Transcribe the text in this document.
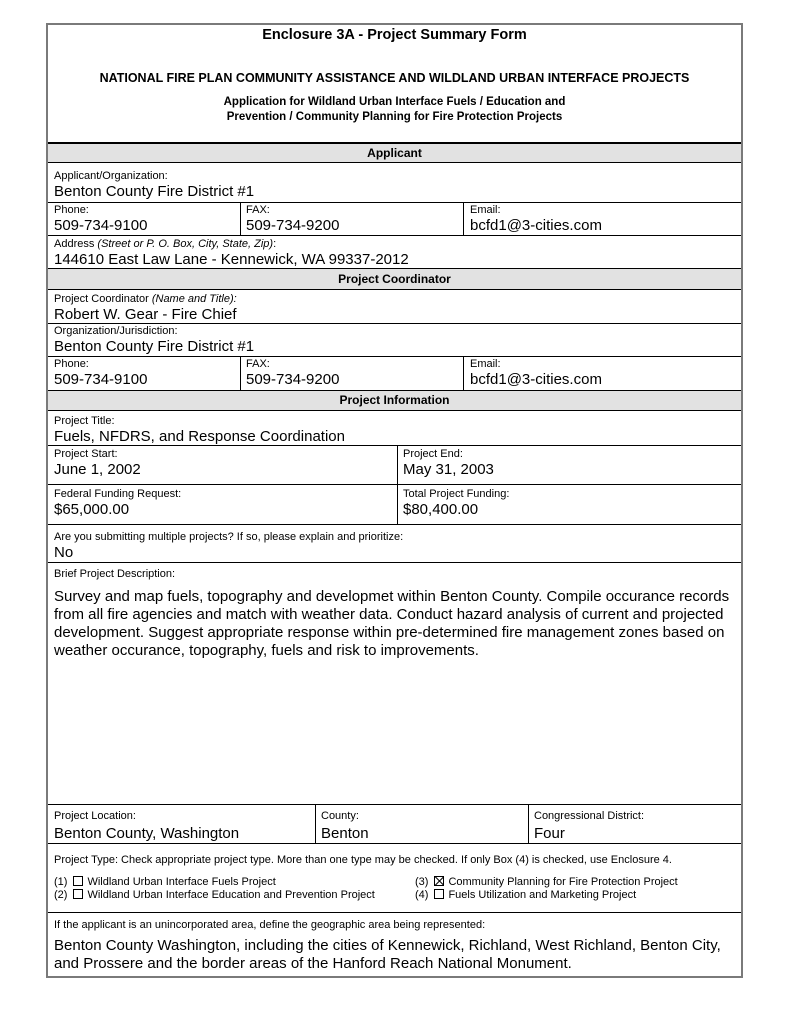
Enclosure 3A - Project Summary Form
NATIONAL FIRE PLAN COMMUNITY ASSISTANCE AND WILDLAND URBAN INTERFACE PROJECTS
Application for Wildland Urban Interface Fuels / Education and
Prevention / Community Planning for Fire Protection Projects
Applicant
Applicant/Organization:
Benton County Fire District #1
Phone:
509-734-9100
FAX:
509-734-9200
Email:
bcfd1@3-cities.com
Address (Street or P. O. Box, City, State, Zip):
144610 East Law Lane - Kennewick, WA 99337-2012
Project Coordinator
Project Coordinator (Name and Title):
Robert W. Gear - Fire Chief
Organization/Jurisdiction:
Benton County Fire District #1
Phone:
509-734-9100
FAX:
509-734-9200
Email:
bcfd1@3-cities.com
Project Information
Project Title:
Fuels, NFDRS, and Response Coordination
Project Start:
June 1, 2002
Project End:
May 31, 2003
Federal Funding Request:
$65,000.00
Total Project Funding:
$80,400.00
Are you submitting multiple projects? If so, please explain and prioritize:
No
Brief Project Description:
Survey and map fuels, topography and developmet within Benton County. Compile occurance records from all fire agencies and match with weather data. Conduct hazard analysis of current and projected development. Suggest appropriate response within pre-determined fire management zones based on weather occurance, topography, fuels and risk to improvements.
Project Location:
Benton County, Washington
County:
Benton
Congressional District:
Four
Project Type: Check appropriate project type. More than one type may be checked. If only Box (4) is checked, use Enclosure 4.
(1) Wildland Urban Interface Fuels Project
(2) Wildland Urban Interface Education and Prevention Project
(3) Community Planning for Fire Protection Project
(4) Fuels Utilization and Marketing Project
If the applicant is an unincorporated area, define the geographic area being represented:
Benton County Washington, including the cities of Kennewick, Richland, West Richland, Benton City, and Prossere and the border areas of the Hanford Reach National Monument.
